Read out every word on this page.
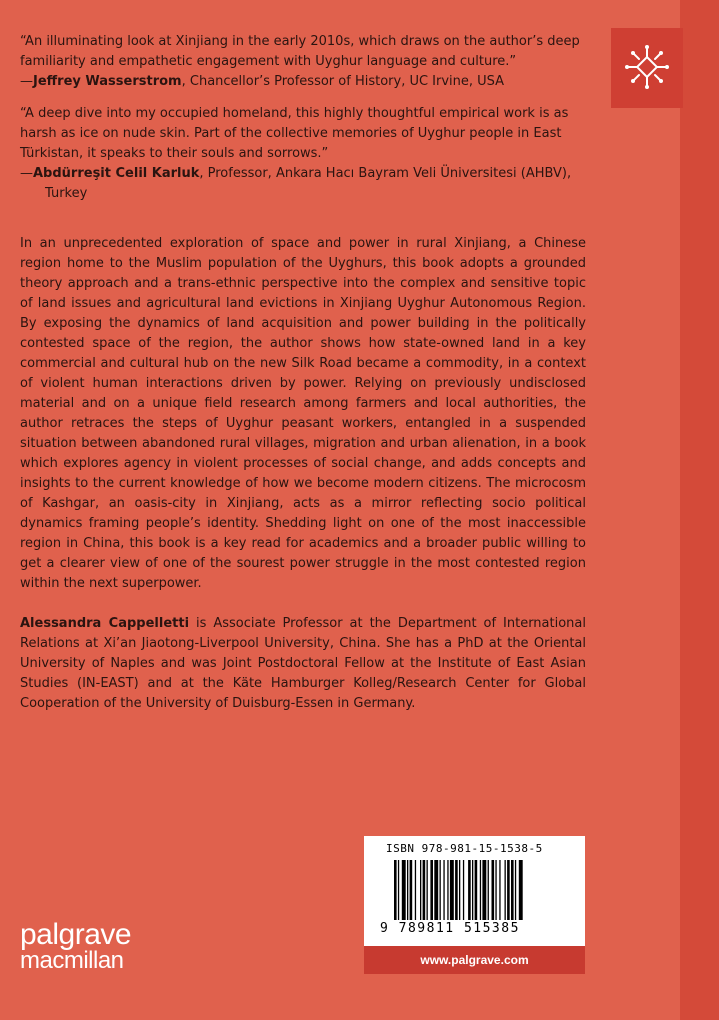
“An illuminating look at Xinjiang in the early 2010s, which draws on the author’s deep familiarity and empathetic engagement with Uyghur language and culture.”

—Jeffrey Wasserstrom, Chancellor’s Professor of History, UC Irvine, USA

“A deep dive into my occupied homeland, this highly thoughtful empirical work is as harsh as ice on nude skin. Part of the collective memories of Uyghur people in East Türkistan, it speaks to their souls and sorrows.”

—Abdürreşit Celil Karluk, Professor, Ankara Hacı Bayram Veli Üniversitesi (AHBV), Turkey

In an unprecedented exploration of space and power in rural Xinjiang, a Chinese region home to the Muslim population of the Uyghurs, this book adopts a grounded theory approach and a trans-ethnic perspective into the complex and sensitive topic of land issues and agricultural land evictions in Xinjiang Uyghur Autonomous Region. By exposing the dynamics of land acquisition and power building in the politically contested space of the region, the author shows how state-owned land in a key commercial and cultural hub on the new Silk Road became a commodity, in a context of violent human interactions driven by power. Relying on previously undisclosed material and on a unique field research among farmers and local authorities, the author retraces the steps of Uyghur peasant workers, entangled in a suspended situation between abandoned rural villages, migration and urban alienation, in a book which explores agency in violent processes of social change, and adds concepts and insights to the current knowledge of how we become modern citizens. The microcosm of Kashgar, an oasis-city in Xinjiang, acts as a mirror reflecting socio political dynamics framing people’s identity. Shedding light on one of the most inaccessible region in China, this book is a key read for academics and a broader public willing to get a clearer view of one of the sourest power struggle in the most contested region within the next superpower.

Alessandra Cappelletti is Associate Professor at the Department of International Relations at Xi’an Jiaotong-Liverpool University, China. She has a PhD at the Oriental University of Naples and was Joint Postdoctoral Fellow at the Institute of East Asian Studies (IN-EAST) and at the Käte Hamburger Kolleg/Research Center for Global Cooperation of the University of Duisburg-Essen in Germany.

ISBN 978-981-15-1538-5
9 789811 515385
www.palgrave.com
palgrave
macmillan
